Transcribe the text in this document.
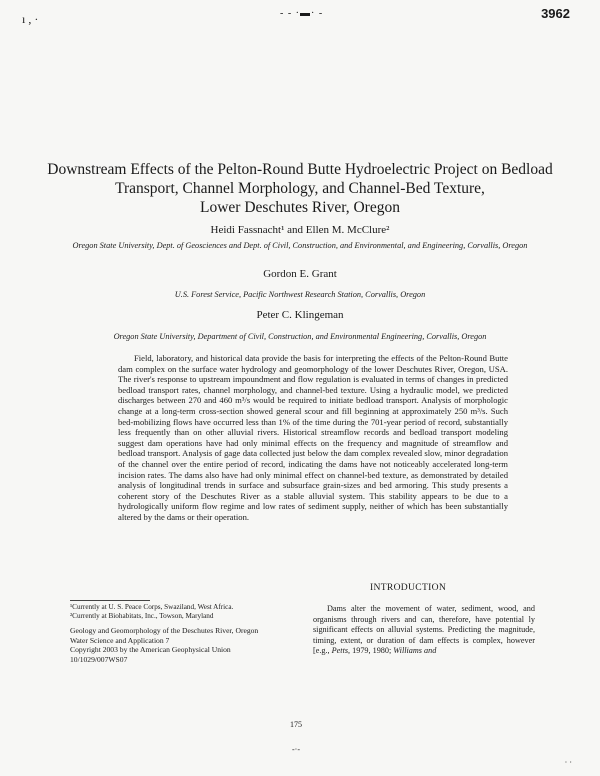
3962
- - ·▬· -
ı , ·
Downstream Effects of the Pelton-Round Butte Hydroelectric Project on Bedload
Transport, Channel Morphology, and Channel-Bed Texture,
Lower Deschutes River, Oregon
Heidi Fassnacht¹ and Ellen M. McClure²
Oregon State University, Dept. of Geosciences and Dept. of Civil, Construction, and Environmental, and Engineering, Corvallis, Oregon
Gordon E. Grant
U.S. Forest Service, Pacific Northwest Research Station, Corvallis, Oregon
Peter C. Klingeman
Oregon State University, Department of Civil, Construction, and Environmental Engineering, Corvallis, Oregon
Field, laboratory, and historical data provide the basis for interpreting the effects of the Pelton-Round Butte dam complex on the surface water hydrology and geomorphology of the lower Deschutes River, Oregon, USA. The river's response to upstream impoundment and flow regulation is evaluated in terms of changes in predicted bedload transport rates, channel morphology, and channel-bed texture. Using a hydraulic model, we predicted discharges between 270 and 460 m³/s would be required to initiate bedload transport. Analysis of morphologic change at a long-term cross-section showed general scour and fill beginning at approximately 250 m³/s. Such bed-mobilizing flows have occurred less than 1% of the time during the 701-year period of record, substantially less frequently than on other alluvial rivers. Historical streamflow records and bedload transport modeling suggest dam operations have had only minimal effects on the frequency and magnitude of streamflow and bedload transport. Analysis of gage data collected just below the dam complex revealed slow, minor degradation of the channel over the entire period of record, indicating the dams have not noticeably accelerated long-term incision rates. The dams also have had only minimal effect on channel-bed texture, as demonstrated by detailed analysis of longitudinal trends in surface and subsurface grain-sizes and bed armoring. This study presents a coherent story of the Deschutes River as a stable alluvial system. This stability appears to be due to a hydrologically uniform flow regime and low rates of sediment supply, neither of which has been substantially altered by the dams or their operation.
¹Currently at U. S. Peace Corps, Swaziland, West Africa.
²Currently at Biohabitats, Inc., Towson, Maryland
Geology and Geomorphology of the Deschutes River, Oregon
Water Science and Application 7
Copyright 2003 by the American Geophysical Union
10/1029/007WS07
INTRODUCTION
Dams alter the movement of water, sediment, wood, and organisms through rivers and can, therefore, have potential ly significant effects on alluvial systems. Predicting the magnitude, timing, extent, or duration of dam effects is complex, however [e.g., Petts, 1979, 1980; Williams and
175
-·-
· ·
